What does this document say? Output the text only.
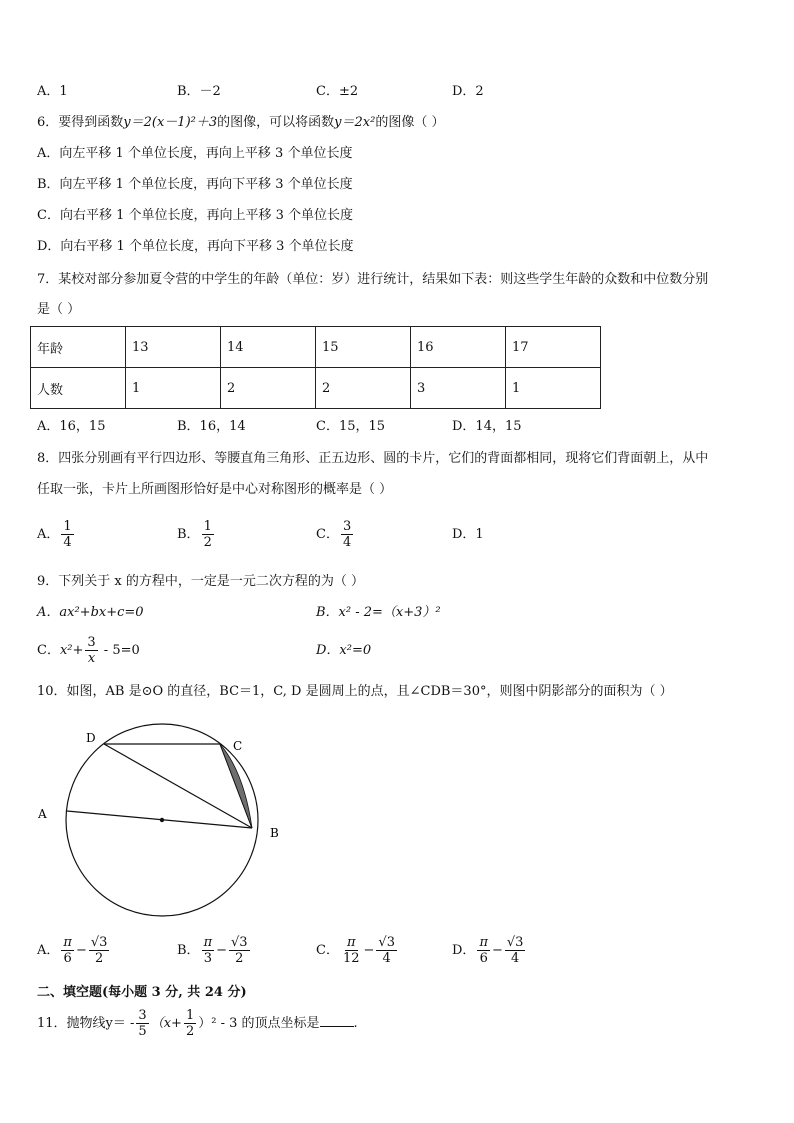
A．1	B．－2	C．±2	D．2
6．要得到函数y＝2(x－1)²＋3的图像，可以将函数y＝2x²的图像（ ）
A．向左平移 1 个单位长度，再向上平移 3 个单位长度
B．向左平移 1 个单位长度，再向下平移 3 个单位长度
C．向右平移 1 个单位长度，再向上平移 3 个单位长度
D．向右平移 1 个单位长度，再向下平移 3 个单位长度
7．某校对部分参加夏令营的中学生的年龄（单位：岁）进行统计，结果如下表：则这些学生年龄的众数和中位数分别
是（ ）
年龄	13	14	15	16	17
人数	1	2	2	3	1
A．16，15	B．16，14	C．15，15	D．14，15
8．四张分别画有平行四边形、等腰直角三角形、正五边形、圆的卡片，它们的背面都相同，现将它们背面朝上，从中
任取一张，卡片上所画图形恰好是中心对称图形的概率是（ ）
A． $\frac{1}{4}$	B． $\frac{1}{2}$	C． $\frac{3}{4}$	D．1
9．下列关于 x 的方程中，一定是一元二次方程的为（ ）
A．ax²+bx+c=0	B．x² - 2=（x+3）²
C．$x^2+ \frac{3}{x} - 5=0$	D．x²=0
10．如图，AB 是⊙O 的直径，BC＝1，C, D 是圆周上的点，且∠CDB＝30°，则图中阴影部分的面积为（ ）
D
C
A
B
A． $\frac{\pi}{6} - \frac{√3}{2}$	B． $\frac{\pi}{3} - \frac{√3}{2}$	C． $\frac{\pi}{12} - \frac{√3}{4}$	D． $\frac{\pi}{6} - \frac{√3}{4}$
二、填空题(每小题 3 分, 共 24 分)
11．抛物线$y= - \frac{3}{5} (x+ \frac{1}{2} )^2 - 3$ 的顶点坐标是	.
